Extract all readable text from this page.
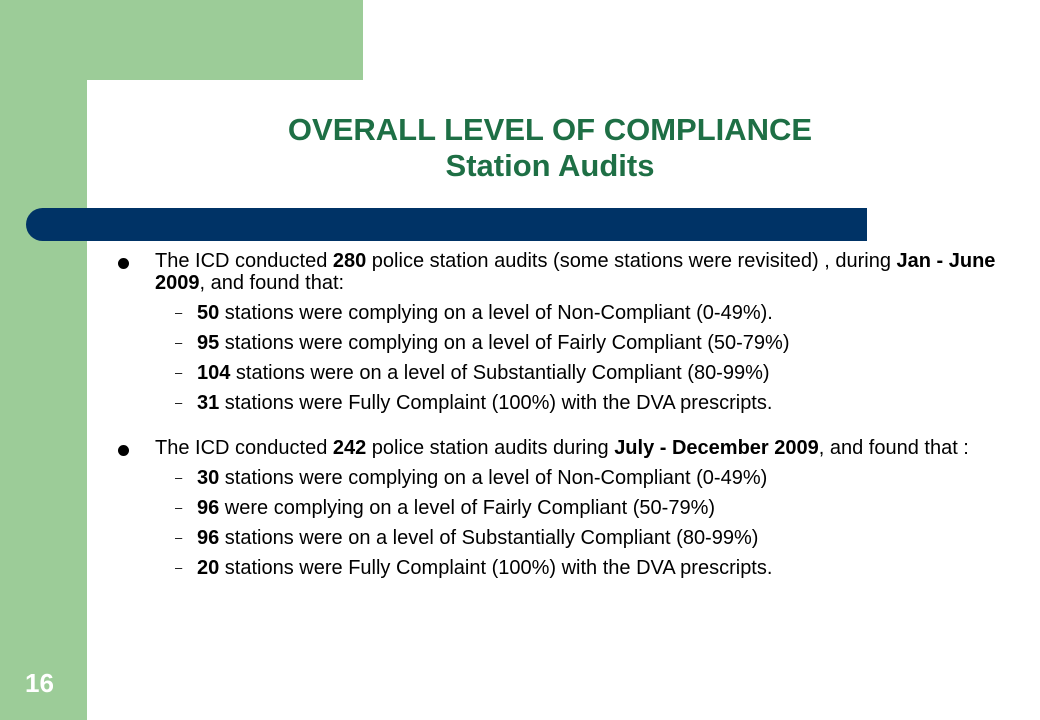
OVERALL LEVEL OF COMPLIANCE
Station Audits
The ICD conducted 280 police station audits (some stations were revisited) , during Jan - June 2009, and found that:
– 50 stations were complying on a level of Non-Compliant (0-49%).
– 95 stations were complying on a level of Fairly Compliant (50-79%)
– 104 stations were on a level of Substantially Compliant (80-99%)
– 31 stations were Fully Complaint (100%) with the DVA prescripts.
The ICD conducted 242 police station audits during July - December 2009, and found that :
– 30 stations were complying on a level of Non-Compliant (0-49%)
– 96 were complying on a level of Fairly Compliant (50-79%)
– 96 stations were on a level of Substantially Compliant (80-99%)
– 20 stations were Fully Complaint (100%) with the DVA prescripts.
16
